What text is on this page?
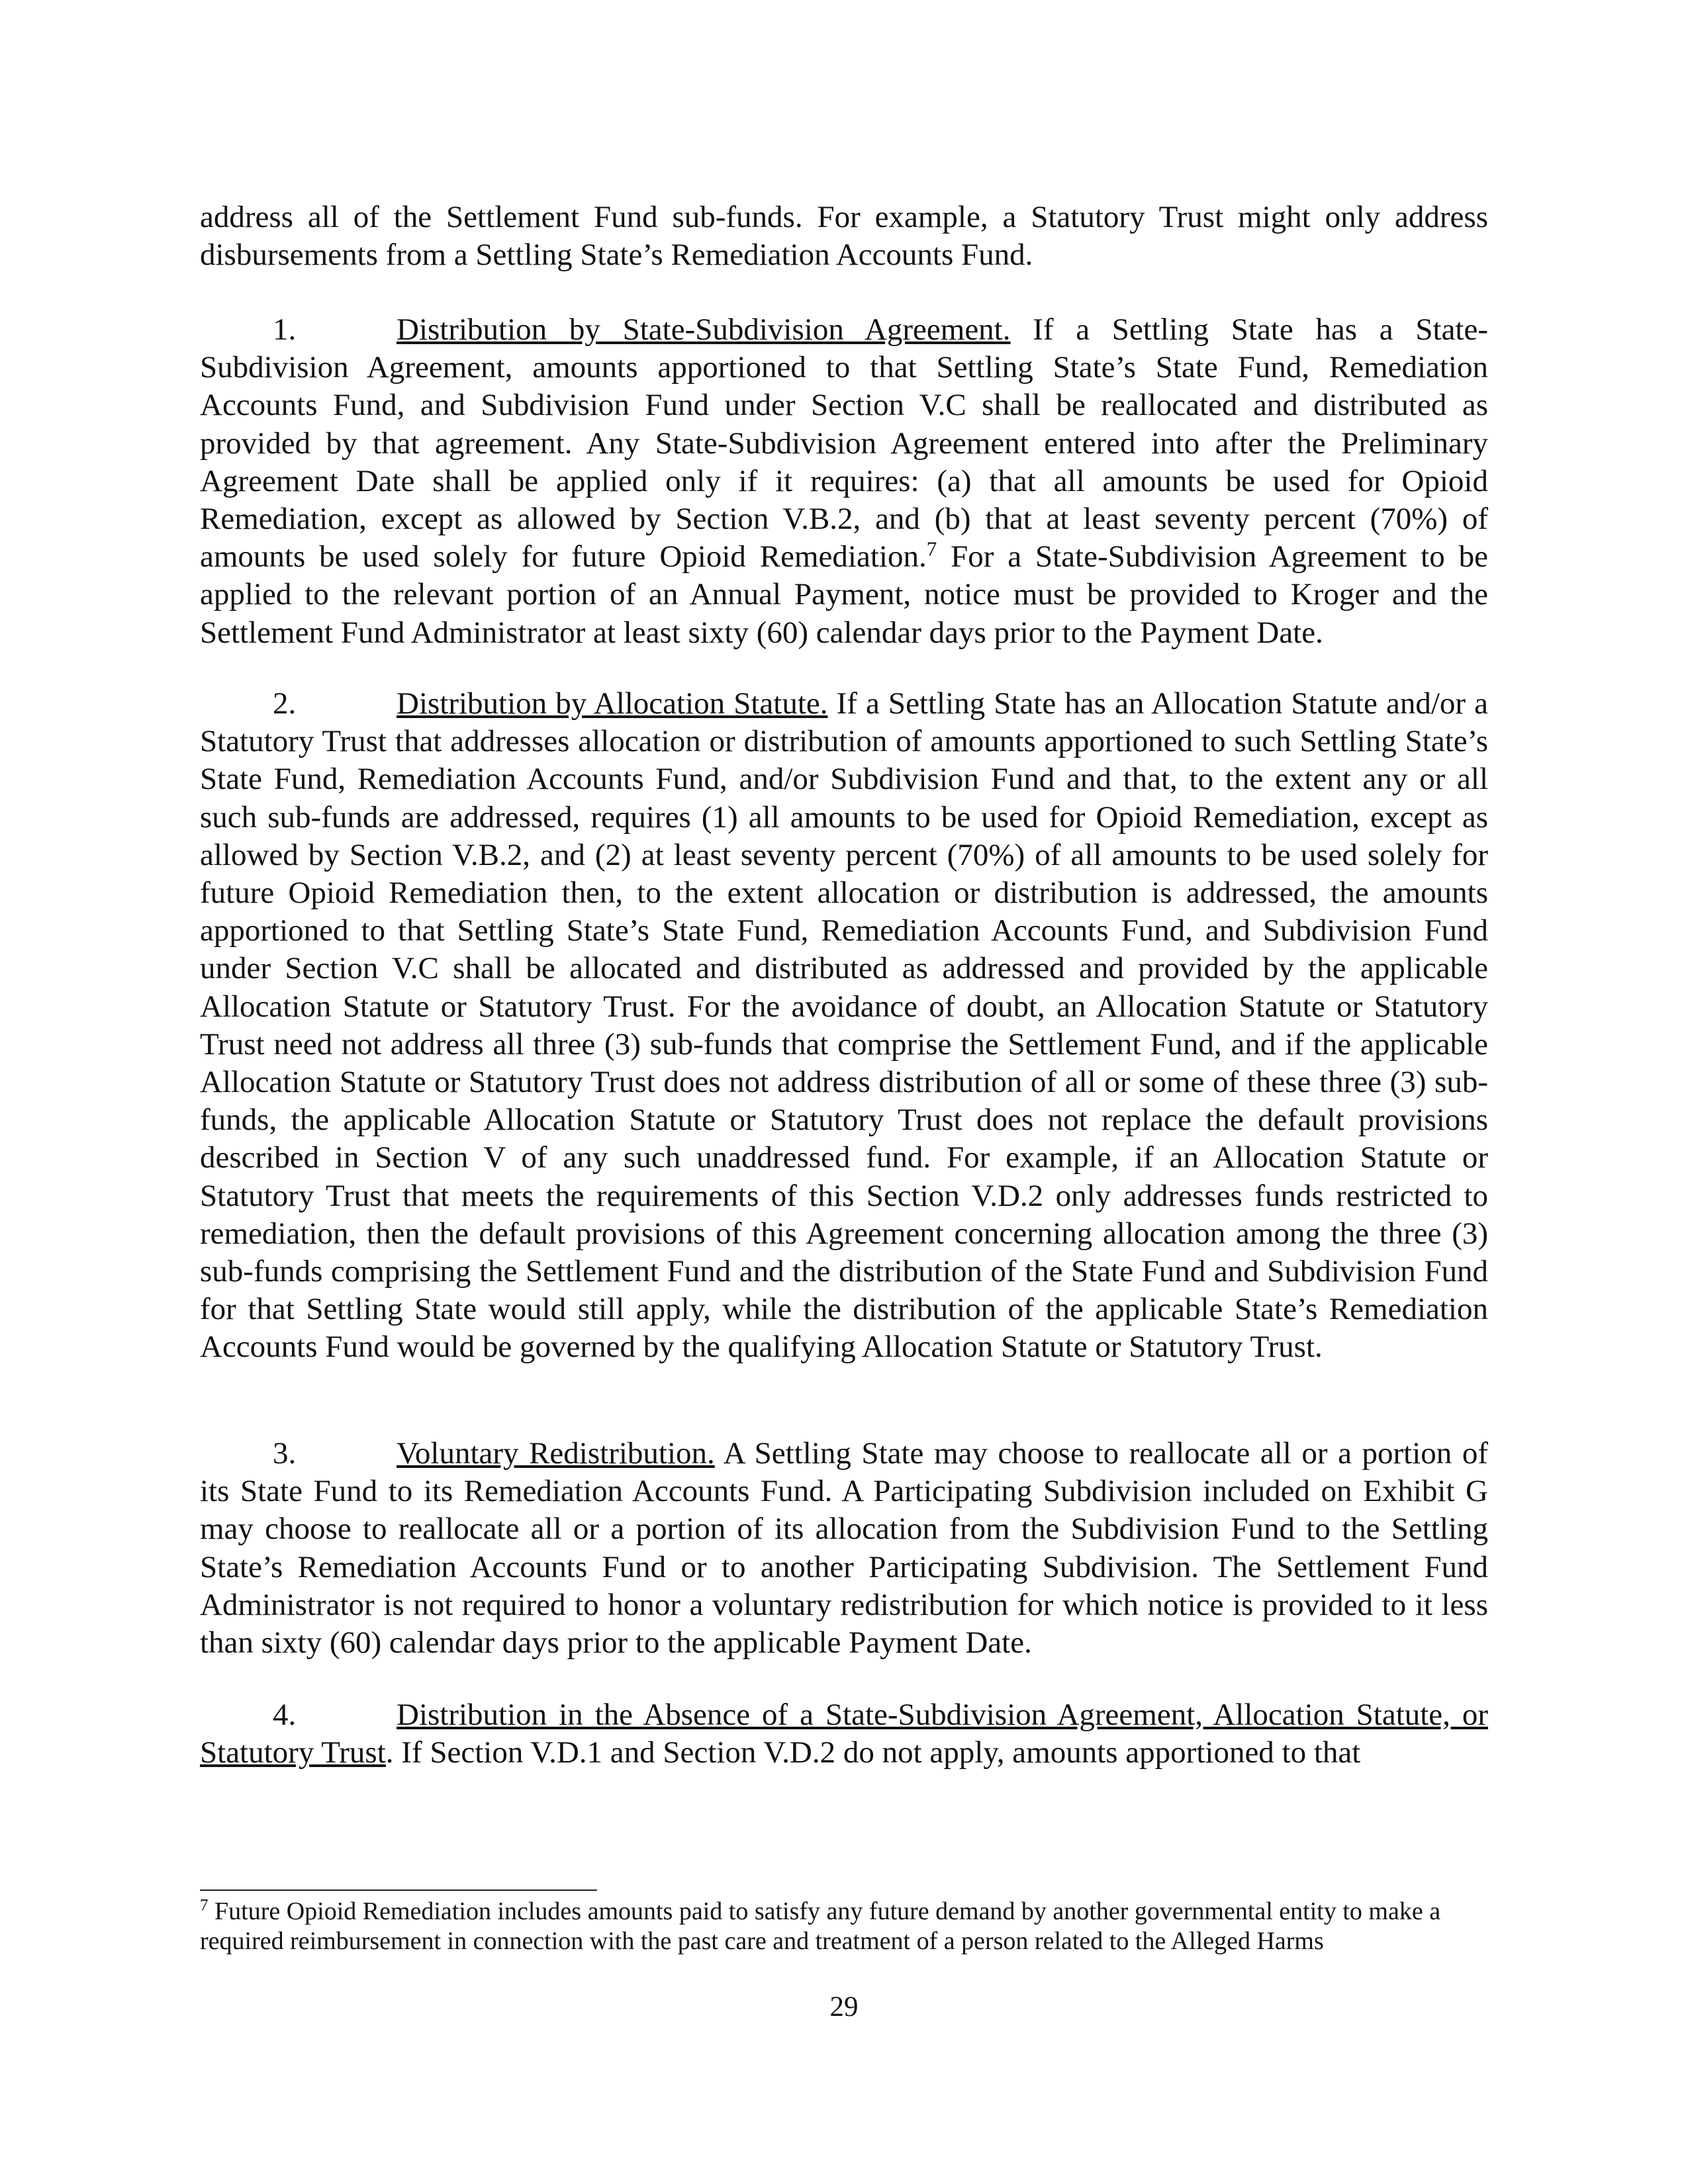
address all of the Settlement Fund sub-funds. For example, a Statutory Trust might only address disbursements from a Settling State’s Remediation Accounts Fund.

1.	Distribution by State-Subdivision Agreement. If a Settling State has a State-Subdivision Agreement, amounts apportioned to that Settling State’s State Fund, Remediation Accounts Fund, and Subdivision Fund under Section V.C shall be reallocated and distributed as provided by that agreement. Any State-Subdivision Agreement entered into after the Preliminary Agreement Date shall be applied only if it requires: (a) that all amounts be used for Opioid Remediation, except as allowed by Section V.B.2, and (b) that at least seventy percent (70%) of amounts be used solely for future Opioid Remediation.$^7$ For a State-Subdivision Agreement to be applied to the relevant portion of an Annual Payment, notice must be provided to Kroger and the Settlement Fund Administrator at least sixty (60) calendar days prior to the Payment Date.

2.	Distribution by Allocation Statute. If a Settling State has an Allocation Statute and/or a Statutory Trust that addresses allocation or distribution of amounts apportioned to such Settling State’s State Fund, Remediation Accounts Fund, and/or Subdivision Fund and that, to the extent any or all such sub-funds are addressed, requires (1) all amounts to be used for Opioid Remediation, except as allowed by Section V.B.2, and (2) at least seventy percent (70%) of all amounts to be used solely for future Opioid Remediation then, to the extent allocation or distribution is addressed, the amounts apportioned to that Settling State’s State Fund, Remediation Accounts Fund, and Subdivision Fund under Section V.C shall be allocated and distributed as addressed and provided by the applicable Allocation Statute or Statutory Trust. For the avoidance of doubt, an Allocation Statute or Statutory Trust need not address all three (3) sub-funds that comprise the Settlement Fund, and if the applicable Allocation Statute or Statutory Trust does not address distribution of all or some of these three (3) sub-funds, the applicable Allocation Statute or Statutory Trust does not replace the default provisions described in Section V of any such unaddressed fund. For example, if an Allocation Statute or Statutory Trust that meets the requirements of this Section V.D.2 only addresses funds restricted to remediation, then the default provisions of this Agreement concerning allocation among the three (3) sub-funds comprising the Settlement Fund and the distribution of the State Fund and Subdivision Fund for that Settling State would still apply, while the distribution of the applicable State’s Remediation Accounts Fund would be governed by the qualifying Allocation Statute or Statutory Trust.

3.	Voluntary Redistribution. A Settling State may choose to reallocate all or a portion of its State Fund to its Remediation Accounts Fund. A Participating Subdivision included on Exhibit G may choose to reallocate all or a portion of its allocation from the Subdivision Fund to the Settling State’s Remediation Accounts Fund or to another Participating Subdivision. The Settlement Fund Administrator is not required to honor a voluntary redistribution for which notice is provided to it less than sixty (60) calendar days prior to the applicable Payment Date.

4.	Distribution in the Absence of a State-Subdivision Agreement, Allocation Statute, or Statutory Trust. If Section V.D.1 and Section V.D.2 do not apply, amounts apportioned to that

$^7$ Future Opioid Remediation includes amounts paid to satisfy any future demand by another governmental entity to make a required reimbursement in connection with the past care and treatment of a person related to the Alleged Harms
29
